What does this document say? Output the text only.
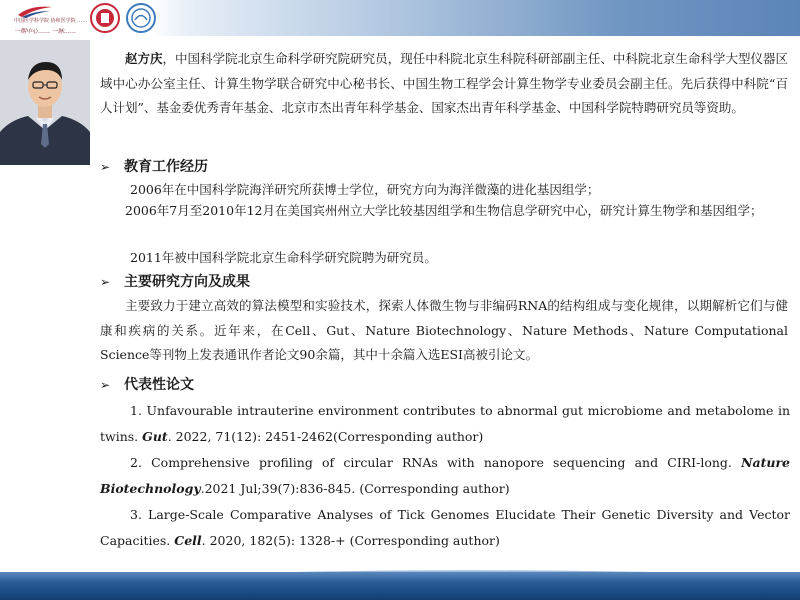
中国医学科学院 协和医学院 ……
一期中心…… 一脉……
赵方庆，中国科学院北京生命科学研究院研究员，现任中科院北京生科院科研部副主任、中科院北京生命科学大型仪器区域中心办公室主任、计算生物学联合研究中心秘书长、中国生物工程学会计算生物学专业委员会副主任。先后获得中科院“百人计划”、基金委优秀青年基金、北京市杰出青年科学基金、国家杰出青年科学基金、中国科学院特聘研究员等资助。
➢ 教育工作经历
2006年在中国科学院海洋研究所获博士学位，研究方向为海洋微藻的进化基因组学；
2006年7月至2010年12月在美国宾州州立大学比较基因组学和生物信息学研究中心，研究计算生物学和基因组学；
2011年被中国科学院北京生命科学研究院聘为研究员。
➢ 主要研究方向及成果
主要致力于建立高效的算法模型和实验技术，探索人体微生物与非编码RNA的结构组成与变化规律，以期解析它们与健康和疾病的关系。近年来，在Cell、Gut、Nature Biotechnology、Nature Methods、Nature Computational Science等刊物上发表通讯作者论文90余篇，其中十余篇入选ESI高被引论文。
➢ 代表性论文
1. Unfavourable intrauterine environment contributes to abnormal gut microbiome and metabolome in twins. Gut. 2022, 71(12): 2451-2462(Corresponding author)
2. Comprehensive profiling of circular RNAs with nanopore sequencing and CIRI-long. Nature Biotechnology.2021 Jul;39(7):836-845. (Corresponding author)
3. Large-Scale Comparative Analyses of Tick Genomes Elucidate Their Genetic Diversity and Vector Capacities. Cell. 2020, 182(5): 1328-+ (Corresponding author)
